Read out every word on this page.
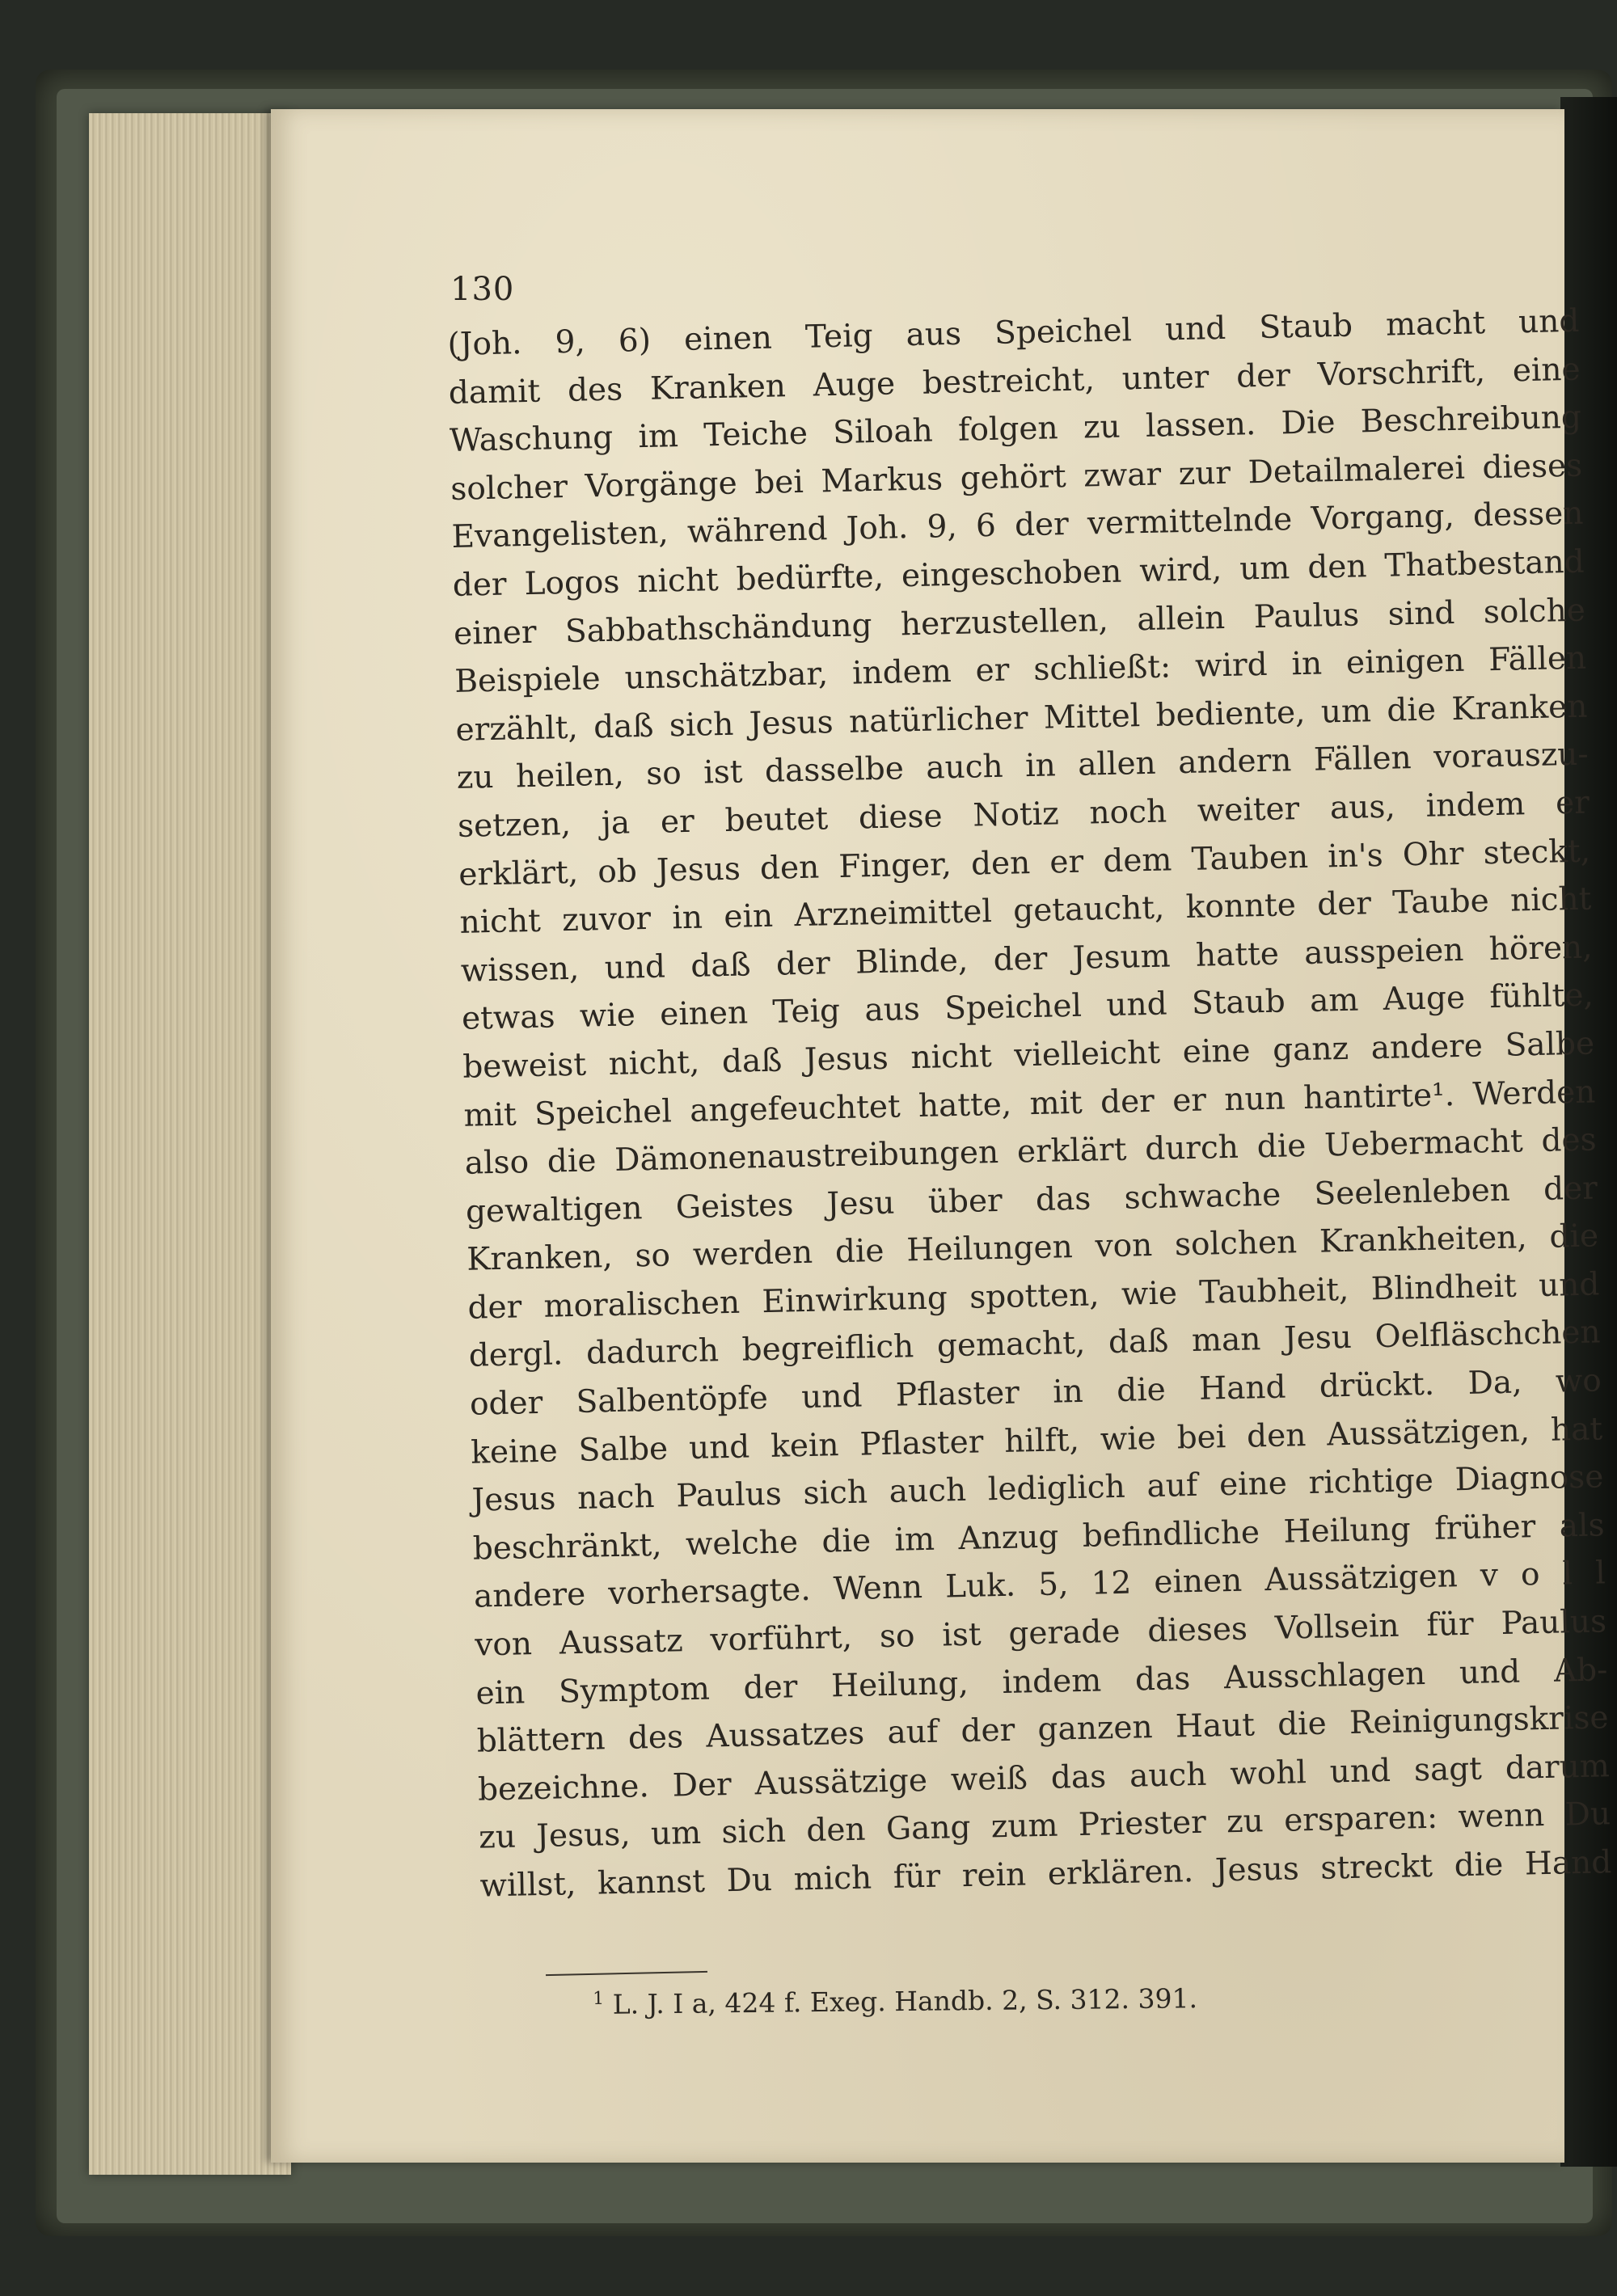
130
(Joh. 9, 6) einen Teig aus Speichel und Staub macht und
damit des Kranken Auge bestreicht, unter der Vorschrift, eine
Waschung im Teiche Siloah folgen zu lassen. Die Beschreibung
solcher Vorgänge bei Markus gehört zwar zur Detailmalerei dieses
Evangelisten, während Joh. 9, 6 der vermittelnde Vorgang, dessen
der Logos nicht bedürfte, eingeschoben wird, um den Thatbestand
einer Sabbathschändung herzustellen, allein Paulus sind solche
Beispiele unschätzbar, indem er schließt: wird in einigen Fällen
erzählt, daß sich Jesus natürlicher Mittel bediente, um die Kranken
zu heilen, so ist dasselbe auch in allen andern Fällen vorauszu-
setzen, ja er beutet diese Notiz noch weiter aus, indem er
erklärt, ob Jesus den Finger, den er dem Tauben in's Ohr steckt,
nicht zuvor in ein Arzneimittel getaucht, konnte der Taube nicht
wissen, und daß der Blinde, der Jesum hatte ausspeien hören,
etwas wie einen Teig aus Speichel und Staub am Auge fühlte,
beweist nicht, daß Jesus nicht vielleicht eine ganz andere Salbe
mit Speichel angefeuchtet hatte, mit der er nun hantirte¹. Werden
also die Dämonenaustreibungen erklärt durch die Uebermacht des
gewaltigen Geistes Jesu über das schwache Seelenleben der
Kranken, so werden die Heilungen von solchen Krankheiten, die
der moralischen Einwirkung spotten, wie Taubheit, Blindheit und
dergl. dadurch begreiflich gemacht, daß man Jesu Oelfläschchen
oder Salbentöpfe und Pflaster in die Hand drückt. Da, wo
keine Salbe und kein Pflaster hilft, wie bei den Aussätzigen, hat
Jesus nach Paulus sich auch lediglich auf eine richtige Diagnose
beschränkt, welche die im Anzug befindliche Heilung früher als
andere vorhersagte. Wenn Luk. 5, 12 einen Aussätzigen v o l l
von Aussatz vorführt, so ist gerade dieses Vollsein für Paulus
ein Symptom der Heilung, indem das Ausschlagen und Ab-
blättern des Aussatzes auf der ganzen Haut die Reinigungskrise
bezeichne. Der Aussätzige weiß das auch wohl und sagt darum
zu Jesus, um sich den Gang zum Priester zu ersparen: wenn Du
willst, kannst Du mich für rein erklären. Jesus streckt die Hand
$^1$ L. J. I a, 424 f. Exeg. Handb. 2, S. 312. 391.
